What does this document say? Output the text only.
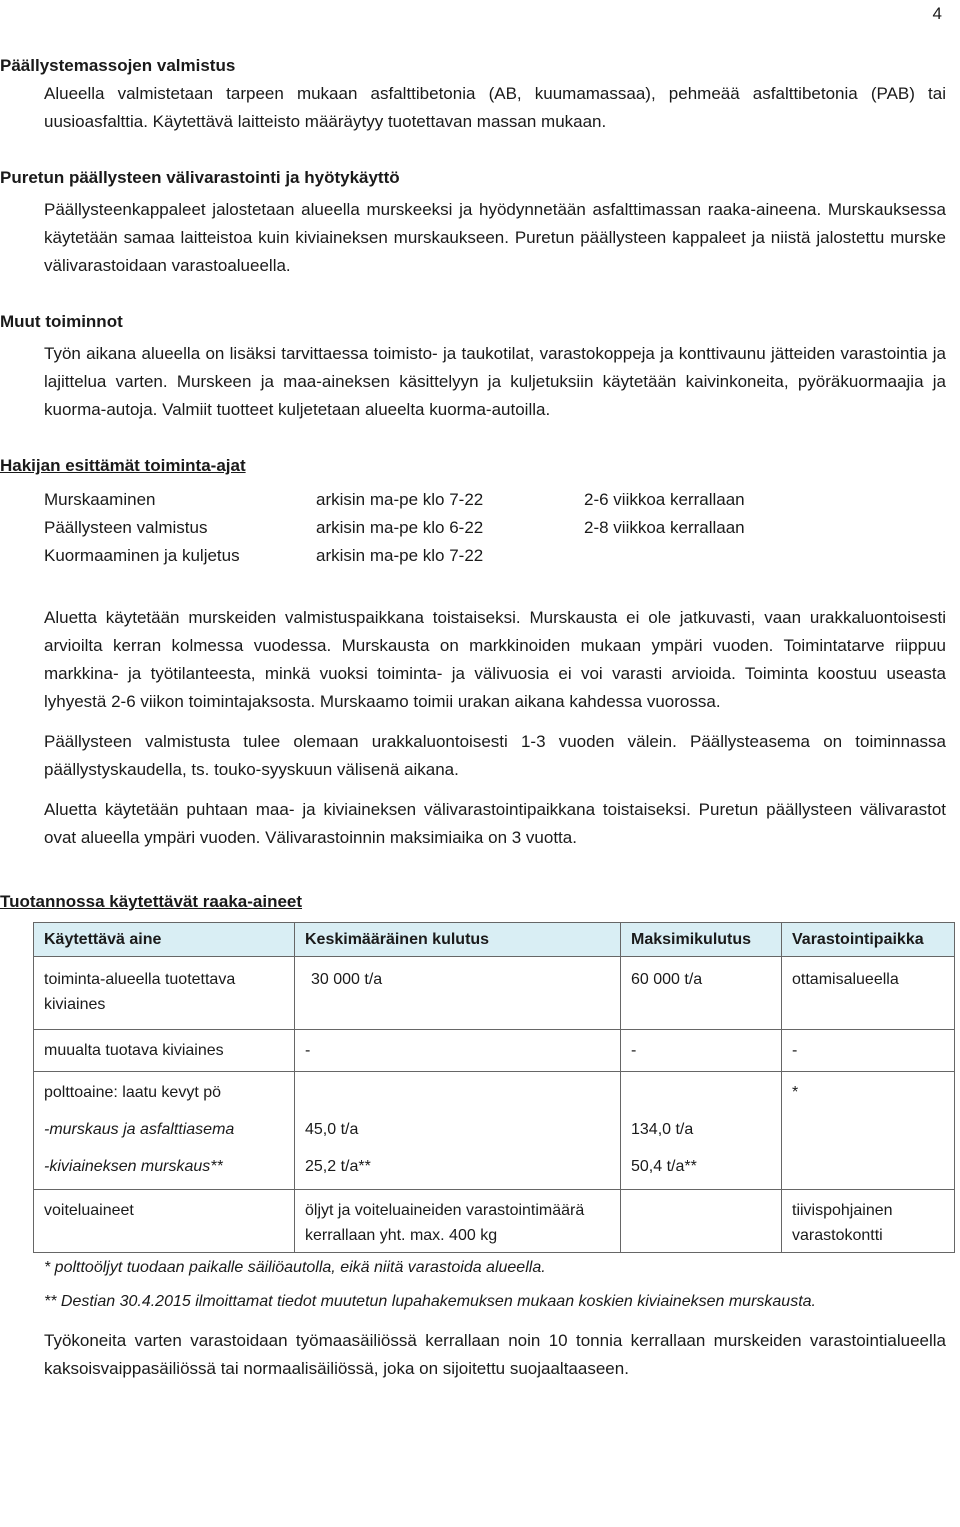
4
Päällystemassojen valmistus

Alueella valmistetaan tarpeen mukaan asfalttibetonia (AB, kuumamassaa), pehmeää asfalttibetonia (PAB) tai uusioasfalttia. Käytettävä laitteisto määräytyy tuotettavan massan mukaan.

Puretun päällysteen välivarastointi ja hyötykäyttö

Päällysteenkappaleet jalostetaan alueella murskeeksi ja hyödynnetään asfalttimassan raaka-aineena. Murskauksessa käytetään samaa laitteistoa kuin kiviaineksen murskaukseen. Puretun päällysteen kappaleet ja niistä jalostettu murske välivarastoidaan varastoalueella.

Muut toiminnot

Työn aikana alueella on lisäksi tarvittaessa toimisto- ja taukotilat, varastokoppeja ja konttivaunu jätteiden varastointia ja lajittelua varten. Murskeen ja maa-aineksen käsittelyyn ja kuljetuksiin käytetään kaivinkoneita, pyöräkuormaajia ja kuorma-autoja. Valmiit tuotteet kuljetetaan alueelta kuorma-autoilla.

Hakijan esittämät toiminta-ajat
Murskaaminen	arkisin ma-pe klo 7-22	2-6 viikkoa kerrallaan
Päällysteen valmistus	arkisin ma-pe klo 6-22	2-8 viikkoa kerrallaan
Kuormaaminen ja kuljetus	arkisin ma-pe klo 7-22	

Aluetta käytetään murskeiden valmistuspaikkana toistaiseksi. Murskausta ei ole jatkuvasti, vaan urakkaluontoisesti arvioilta kerran kolmessa vuodessa. Murskausta on markkinoiden mukaan ympäri vuoden. Toimintatarve riippuu markkina- ja työtilanteesta, minkä vuoksi toiminta- ja välivuosia ei voi varasti arvioida. Toiminta koostuu useasta lyhyestä 2-6 viikon toimintajaksosta. Murskaamo toimii urakan aikana kahdessa vuorossa.

Päällysteen valmistusta tulee olemaan urakkaluontoisesti 1-3 vuoden välein. Päällysteasema on toiminnassa päällystyskaudella, ts. touko-syyskuun välisenä aikana.

Aluetta käytetään puhtaan maa- ja kiviaineksen välivarastointipaikkana toistaiseksi. Puretun päällysteen välivarastot ovat alueella ympäri vuoden. Välivarastoinnin maksimiaika on 3 vuotta.

Tuotannossa käytettävät raaka-aineet
Käytettävä aine	Keskimääräinen kulutus	Maksimikulutus	Varastointipaikka
toiminta-alueella tuotettava kiviaines	30 000 t/a	60 000 t/a	ottamisalueella
muualta tuotava kiviaines	-	-	-
polttoaine: laatu kevyt pö			*
-murskaus ja asfalttiasema	45,0 t/a	134,0 t/a	
-kiviaineksen murskaus**	25,2 t/a**	50,4 t/a**	
voiteluaineet	öljyt ja voiteluaineiden varastointimäärä kerrallaan yht. max. 400 kg		tiivispohjainen varastokontti
* polttoöljyt tuodaan paikalle säiliöautolla, eikä niitä varastoida alueella.
** Destian 30.4.2015 ilmoittamat tiedot muutetun lupahakemuksen mukaan koskien kiviaineksen murskausta.

Työkoneita varten varastoidaan työmaasäiliössä kerrallaan noin 10 tonnia kerrallaan murskeiden varastointialueella kaksoisvaippasäiliössä tai normaalisäiliössä, joka on sijoitettu suojaaltaaseen.
